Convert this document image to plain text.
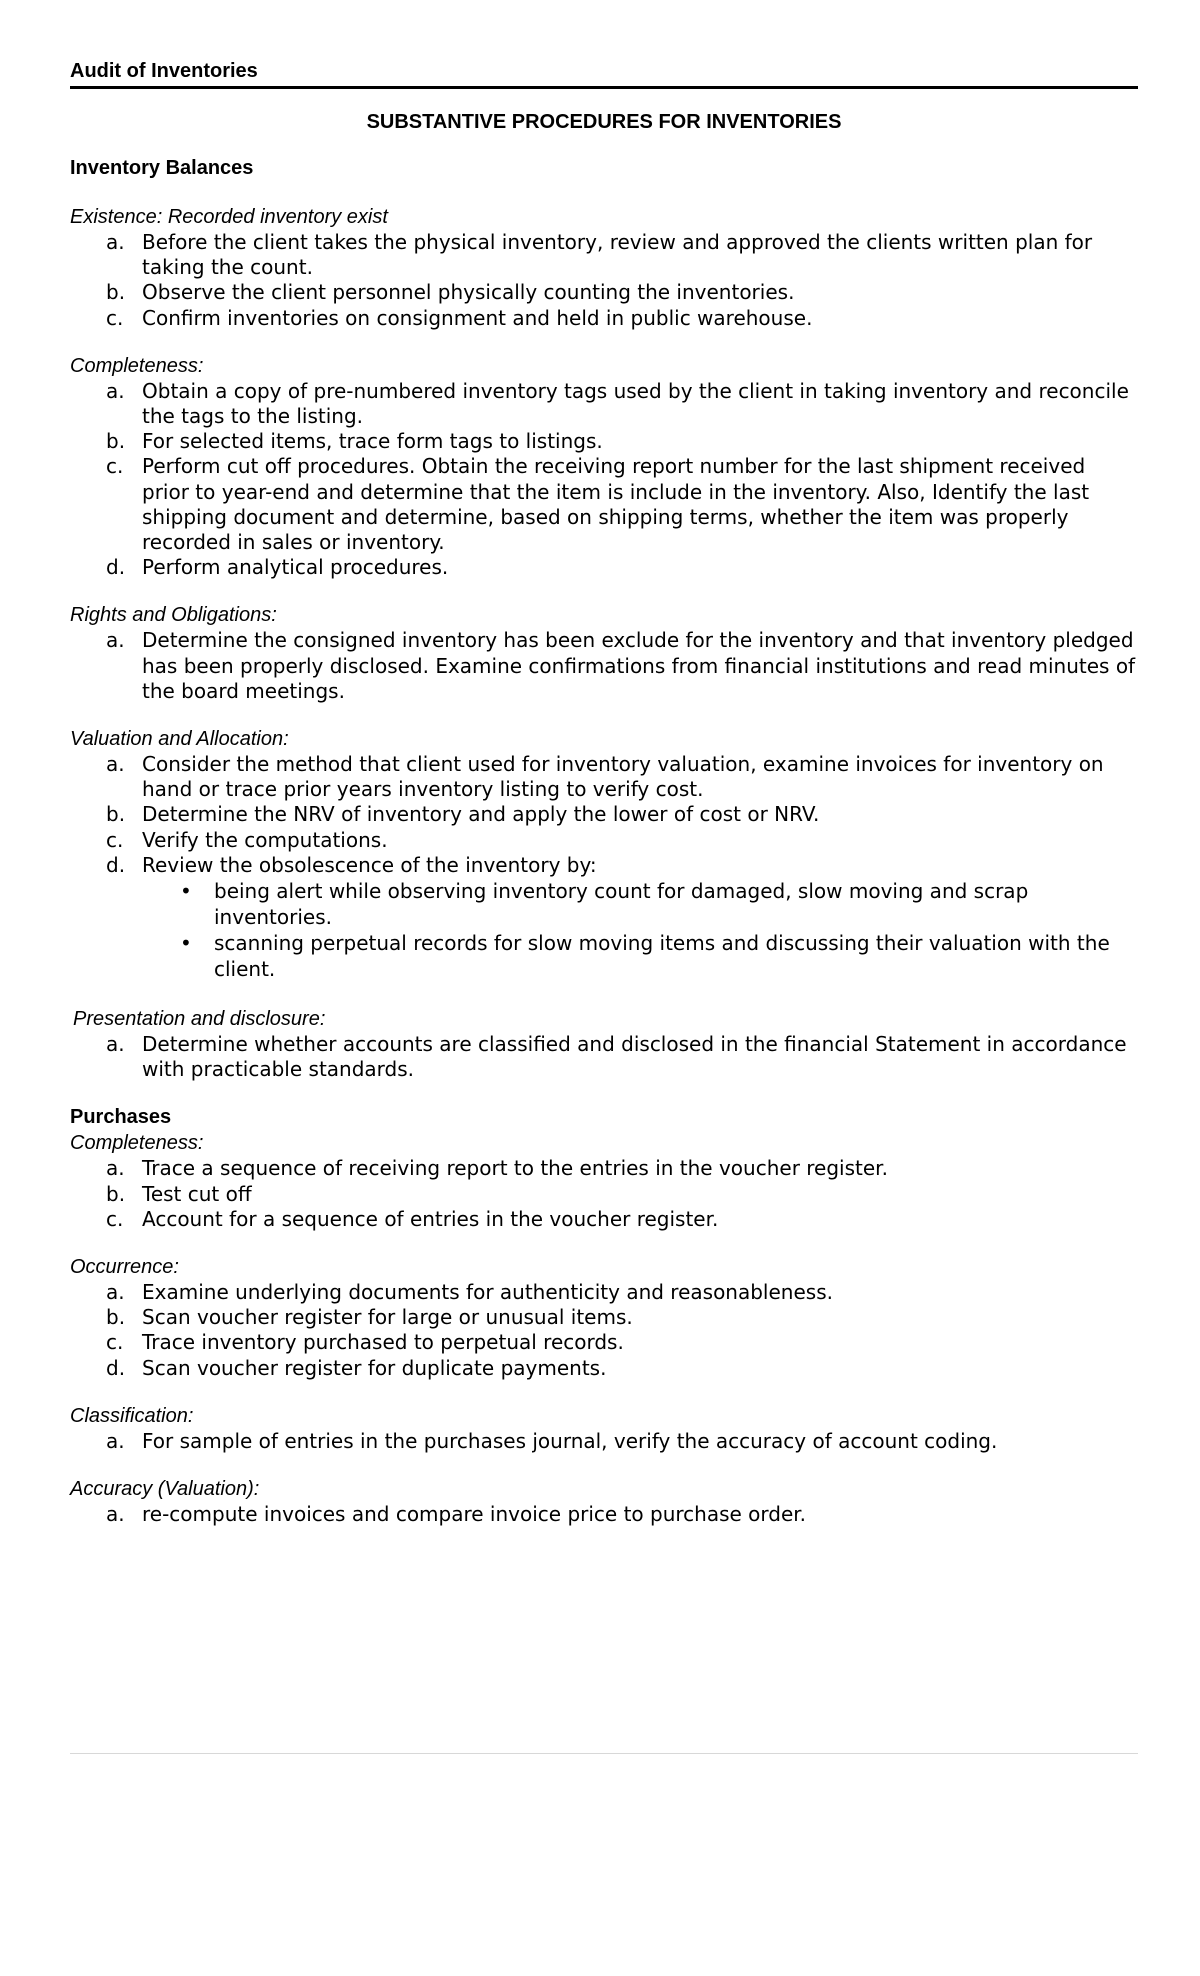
Audit of Inventories
SUBSTANTIVE PROCEDURES FOR INVENTORIES
Inventory Balances
Existence: Recorded inventory exist
a. Before the client takes the physical inventory, review and approved the clients written plan for taking the count.
b. Observe the client personnel physically counting the inventories.
c. Confirm inventories on consignment and held in public warehouse.
Completeness:
a. Obtain a copy of pre-numbered inventory tags used by the client in taking inventory and reconcile the tags to the listing.
b. For selected items, trace form tags to listings.
c. Perform cut off procedures. Obtain the receiving report number for the last shipment received prior to year-end and determine that the item is include in the inventory. Also, Identify the last shipping document and determine, based on shipping terms, whether the item was properly recorded in sales or inventory.
d. Perform analytical procedures.
Rights and Obligations:
a. Determine the consigned inventory has been exclude for the inventory and that inventory pledged has been properly disclosed. Examine confirmations from financial institutions and read minutes of the board meetings.
Valuation and Allocation:
a. Consider the method that client used for inventory valuation, examine invoices for inventory on hand or trace prior years inventory listing to verify cost.
b. Determine the NRV of inventory and apply the lower of cost or NRV.
c. Verify the computations.
d. Review the obsolescence of the inventory by:
• being alert while observing inventory count for damaged, slow moving and scrap inventories.
• scanning perpetual records for slow moving items and discussing their valuation with the client.
Presentation and disclosure:
a. Determine whether accounts are classified and disclosed in the financial Statement in accordance with practicable standards.
Purchases
Completeness:
a. Trace a sequence of receiving report to the entries in the voucher register.
b. Test cut off
c. Account for a sequence of entries in the voucher register.
Occurrence:
a. Examine underlying documents for authenticity and reasonableness.
b. Scan voucher register for large or unusual items.
c. Trace inventory purchased to perpetual records.
d. Scan voucher register for duplicate payments.
Classification:
a. For sample of entries in the purchases journal, verify the accuracy of account coding.
Accuracy (Valuation):
a. re-compute invoices and compare invoice price to purchase order.
